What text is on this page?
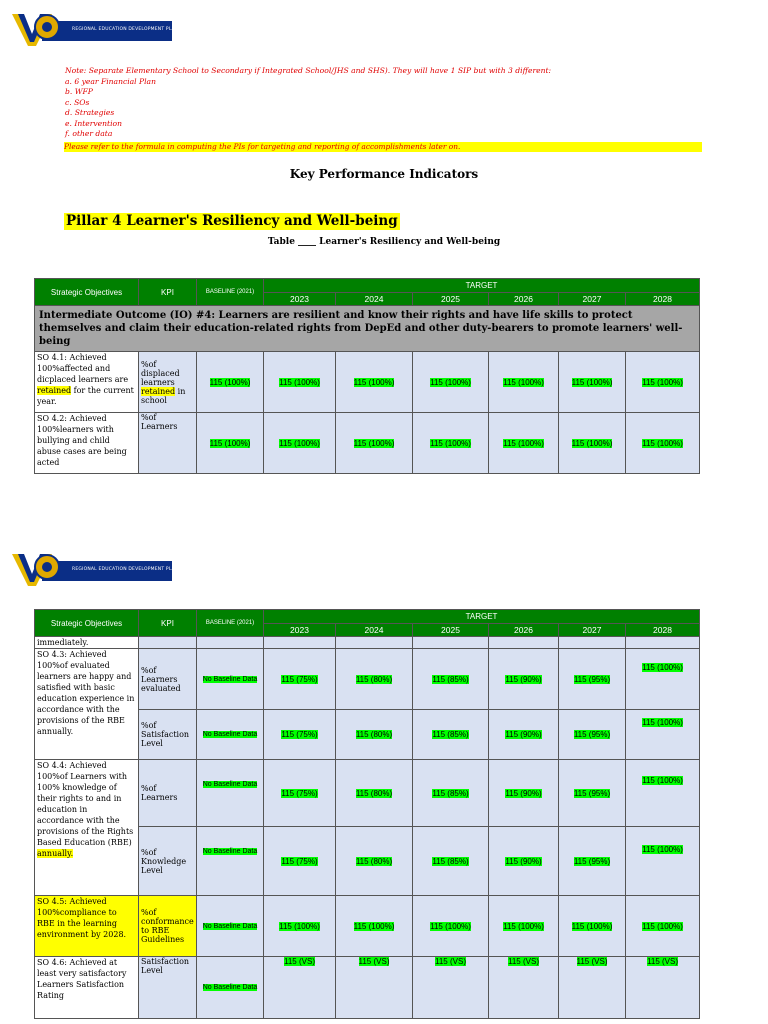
REGIONAL EDUCATION DEVELOPMENT PLAN
Note: Separate Elementary School to Secondary if Integrated School/JHS and SHS). They will have 1 SIP but with 3 different:
a. 6 year Financial Plan
b. WFP
c. SOs
d. Strategies
e. Intervention
f. other data
Please refer to the formula in computing the PIs for targeting and reporting of accomplishments later on.
Key Performance Indicators
Pillar 4 Learner's Resiliency and Well-being
Table ____ Learner's Resiliency and Well-being
Strategic Objectives	KPI	BASELINE (2021)	TARGET					
			2023	2024	2025	2026	2027	2028
Intermediate Outcome (IO) #4: Learners are resilient and know their rights and have life skills to protect themselves and claim their education-related rights from DepEd and other duty-bearers to promote learners' well-being								
SO 4.1: Achieved 100%affected and dicplaced learners are retained for the current year.	%of displaced learners retained in school	115 (100%)	115 (100%)	115 (100%)	115 (100%)	115 (100%)	115 (100%)	115 (100%)
SO 4.2: Achieved 100%learners with bullying and child abuse cases are being acted	%of Learners	115 (100%)	115 (100%)	115 (100%)	115 (100%)	115 (100%)	115 (100%)	115 (100%)
REGIONAL EDUCATION DEVELOPMENT PLAN
Strategic Objectives	KPI	BASELINE (2021)	TARGET					
			2023	2024	2025	2026	2027	2028
immediately.								
SO 4.3: Achieved 100%of evaluated learners are happy and satisfied with basic education experience in accordance with the provisions of the RBE annually.	%of Learners evaluated	No Baseline Data	115 (75%)	115 (80%)	115 (85%)	115 (90%)	115 (95%)	115 (100%)
	%of Satisfaction Level	No Baseline Data	115 (75%)	115 (80%)	115 (85%)	115 (90%)	115 (95%)	115 (100%)
SO 4.4: Achieved 100%of Learners with 100% knowledge of their rights to and in education in accordance with the provisions of the Rights Based Education (RBE) annually.	%of Learners	No Baseline Data	115 (75%)	115 (80%)	115 (85%)	115 (90%)	115 (95%)	115 (100%)
	%of Knowledge Level	No Baseline Data	115 (75%)	115 (80%)	115 (85%)	115 (90%)	115 (95%)	115 (100%)
SO 4.5: Achieved 100%compliance to RBE in the learning environment by 2028.	%of conformance to RBE Guidelines	No Baseline Data	115 (100%)	115 (100%)	115 (100%)	115 (100%)	115 (100%)	115 (100%)
SO 4.6: Achieved at least very satisfactory Learners Satisfaction Rating	Satisfaction Level	No Baseline Data	115 (VS)	115 (VS)	115 (VS)	115 (VS)	115 (VS)	115 (VS)
